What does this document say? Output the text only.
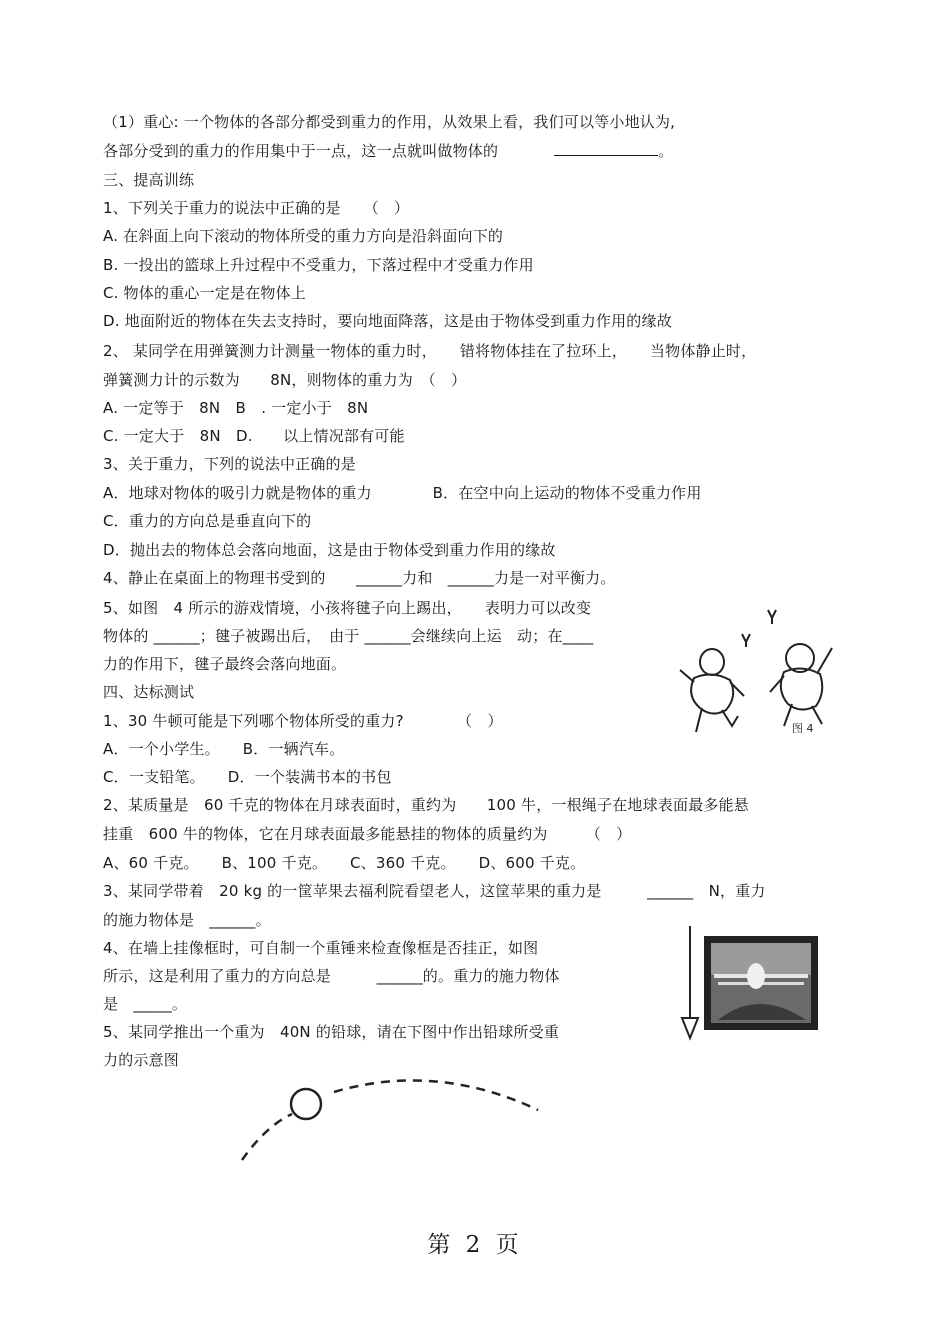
（1）重心: 一个物体的各部分都受到重力的作用，从效果上看，我们可以等小地认为,
各部分受到的重力的作用集中于一点，这一点就叫做物体的	。
三、提高训练
1、下列关于重力的说法中正确的是　　（　）
A. 在斜面上向下滚动的物体所受的重力方向是沿斜面向下的
B. 一投出的篮球上升过程中不受重力，下落过程中才受重力作用
C. 物体的重心一定是在物体上
D. 地面附近的物体在失去支持时，要向地面降落，这是由于物体受到重力作用的缘故
2、 某同学在用弹簧测力计测量一物体的重力时，　　错将物体挂在了拉环上，　　当物体静止时，
弹簧测力计的示数为　　8N，则物体的重力为　（　）
A. 一定等于　8N　B　. 一定小于　8N
C. 一定大于　8N　D.　　以上情况部有可能
3、关于重力，下列的说法中正确的是
A．地球对物体的吸引力就是物体的重力　　　　B．在空中向上运动的物体不受重力作用
C．重力的方向总是垂直向下的
D．抛出去的物体总会落向地面，这是由于物体受到重力作用的缘故
4、静止在桌面上的物理书受到的　　______力和　______力是一对平衡力。
5、如图　4 所示的游戏情境，小孩将毽子向上踢出，　　表明力可以改变
物体的 ______；毽子被踢出后，　由于 ______会继续向上运　动；在____
力的作用下，毽子最终会落向地面。
四、达标测试
1、30 牛顿可能是下列哪个物体所受的重力?　　　　（　）
A．一个小学生。　　B．一辆汽车。
C．一支铅笔。　　D．一个装满书本的书包
2、某质量是　60 千克的物体在月球表面时，重约为　　100 牛，一根绳子在地球表面最多能悬
挂重　600 牛的物体，它在月球表面最多能悬挂的物体的质量约为　　　（　）
A、60 千克。　　B、100 千克。　　C、360 千克。　　D、600 千克。
3、某同学带着　20 kg 的一筐苹果去福利院看望老人，这筐苹果的重力是　　　______　N，重力
的施力物体是　______。
4、在墙上挂像框时，可自制一个重锤来检查像框是否挂正，如图
所示，这是利用了重力的方向总是　　　______的。重力的施力物体
是　_____。
5、某同学推出一个重为　40N 的铅球，请在下图中作出铅球所受重
力的示意图
图 4
第 2 页
